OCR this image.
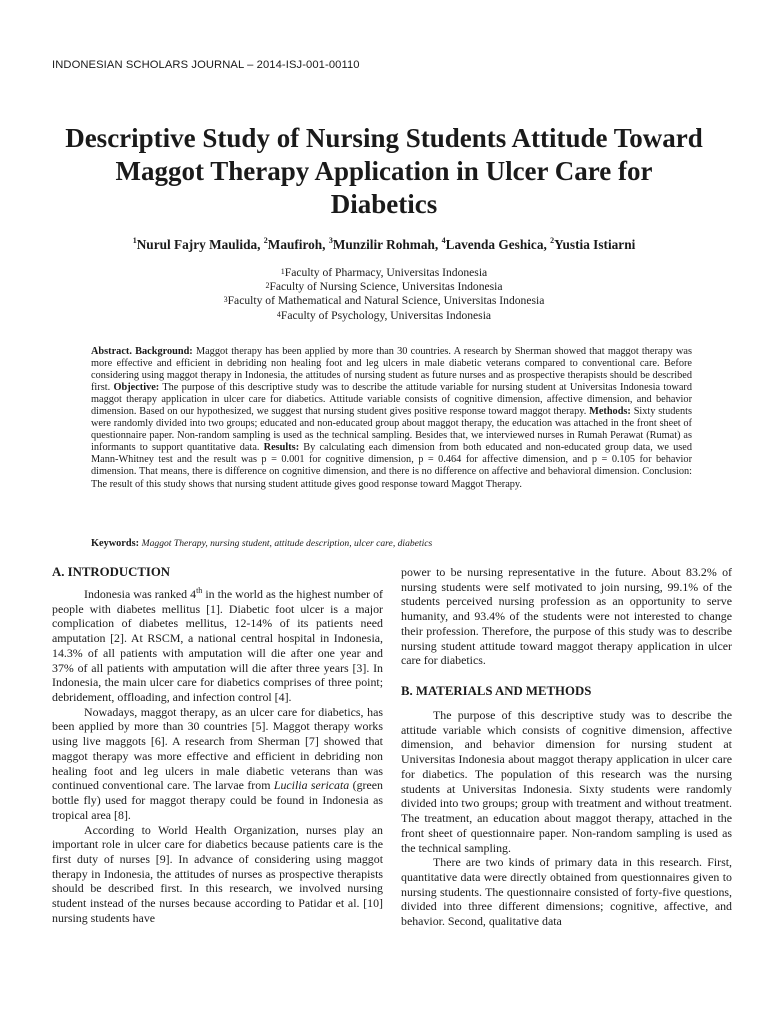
INDONESIAN SCHOLARS JOURNAL – 2014-ISJ-001-00110
Descriptive Study of Nursing Students Attitude Toward Maggot Therapy Application in Ulcer Care for Diabetics
$^1$Nurul Fajry Maulida, $^2$Maufiroh, $^3$Munzilir Rohmah, $^4$Lavenda Geshica, $^2$Yustia Istiarni
$^1$Faculty of Pharmacy, Universitas Indonesia
$^2$Faculty of Nursing Science, Universitas Indonesia
$^3$Faculty of Mathematical and Natural Science, Universitas Indonesia
$^4$Faculty of Psychology, Universitas Indonesia
Abstract. Background: Maggot therapy has been applied by more than 30 countries. A research by Sherman showed that maggot therapy was more effective and efficient in debriding non healing foot and leg ulcers in male diabetic veterans compared to conventional care. Before considering using maggot therapy in Indonesia, the attitudes of nursing student as future nurses and as prospective therapists should be described first. Objective: The purpose of this descriptive study was to describe the attitude variable for nursing student at Universitas Indonesia toward maggot therapy application in ulcer care for diabetics. Attitude variable consists of cognitive dimension, affective dimension, and behavior dimension. Based on our hypothesized, we suggest that nursing student gives positive response toward maggot therapy. Methods: Sixty students were randomly divided into two groups; educated and non-educated group about maggot therapy, the education was attached in the front sheet of questionnaire paper. Non-random sampling is used as the technical sampling. Besides that, we interviewed nurses in Rumah Perawat (Rumat) as informants to support quantitative data. Results: By calculating each dimension from both educated and non-educated group data, we used Mann-Whitney test and the result was p = 0.001 for cognitive dimension, p = 0.464 for affective dimension, and p = 0.105 for behavior dimension. That means, there is difference on cognitive dimension, and there is no difference on affective and behavioral dimension. Conclusion: The result of this study shows that nursing student attitude gives good response toward Maggot Therapy.
Keywords: Maggot Therapy, nursing student, attitude description, ulcer care, diabetics
A. INTRODUCTION

Indonesia was ranked 4th in the world as the highest number of people with diabetes mellitus [1]. Diabetic foot ulcer is a major complication of diabetes mellitus, 12-14% of its patients need amputation [2]. At RSCM, a national central hospital in Indonesia, 14.3% of all patients with amputation will die after one year and 37% of all patients with amputation will die after three years [3]. In Indonesia, the main ulcer care for diabetics comprises of three point; debridement, offloading, and infection control [4].

Nowadays, maggot therapy, as an ulcer care for diabetics, has been applied by more than 30 countries [5]. Maggot therapy works using live maggots [6]. A research from Sherman [7] showed that maggot therapy was more effective and efficient in debriding non healing foot and leg ulcers in male diabetic veterans than was continued conventional care. The larvae from Lucilia sericata (green bottle fly) used for maggot therapy could be found in Indonesia as tropical area [8].

According to World Health Organization, nurses play an important role in ulcer care for diabetics because patients care is the first duty of nurses [9]. In advance of considering using maggot therapy in Indonesia, the attitudes of nurses as prospective therapists should be described first. In this research, we involved nursing student instead of the nurses because according to Patidar et al. [10] nursing students have

power to be nursing representative in the future. About 83.2% of nursing students were self motivated to join nursing, 99.1% of the students perceived nursing profession as an opportunity to serve humanity, and 93.4% of the students were not interested to change their profession. Therefore, the purpose of this study was to describe nursing student attitude toward maggot therapy application in ulcer care for diabetics.

B. MATERIALS AND METHODS

The purpose of this descriptive study was to describe the attitude variable which consists of cognitive dimension, affective dimension, and behavior dimension for nursing student at Universitas Indonesia about maggot therapy application in ulcer care for diabetics. The population of this research was the nursing students at Universitas Indonesia. Sixty students were randomly divided into two groups; group with treatment and without treatment. The treatment, an education about maggot therapy, attached in the front sheet of questionnaire paper. Non-random sampling is used as the technical sampling.

There are two kinds of primary data in this research. First, quantitative data were directly obtained from questionnaires given to nursing students. The questionnaire consisted of forty-five questions, divided into three different dimensions; cognitive, affective, and behavior. Second, qualitative data
